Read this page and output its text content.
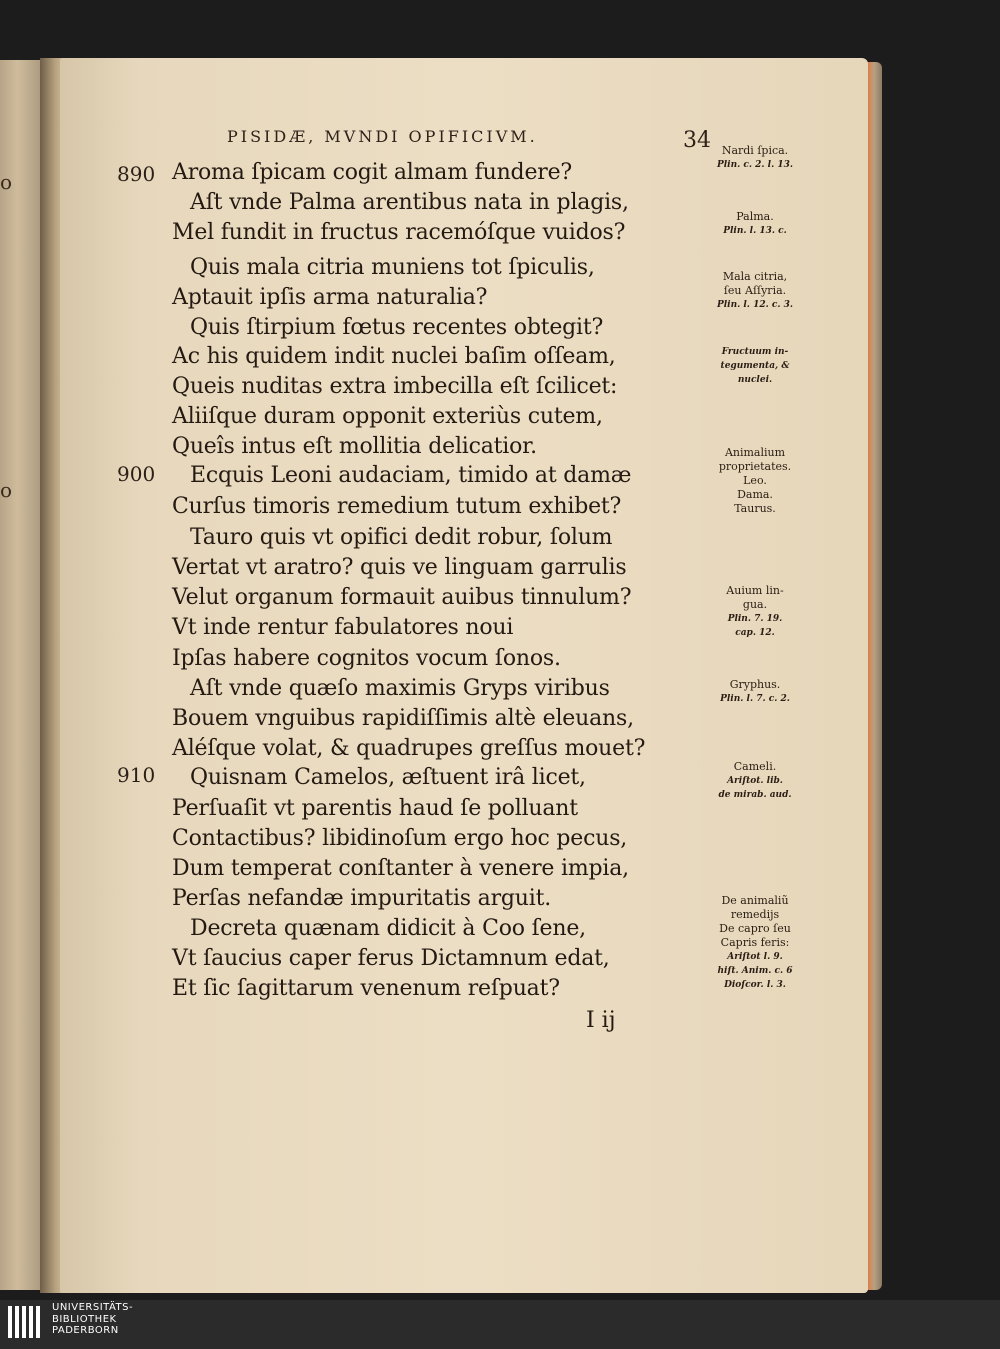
o
o
PISIDÆ, MVNDI OPIFICIVM.	34
890
900
910
Aroma ſpicam cogit almam fundere?
Aſt vnde Palma arentibus nata in plagis,
Mel fundit in fructus racemóſque vuidos?
Quis mala citria muniens tot ſpiculis,
Aptauit ipſis arma naturalia?
Quis ſtirpium fœtus recentes obtegit?
Ac his quidem indit nuclei baſim oſſeam,
Queis nuditas extra imbecilla eſt ſcilicet:
Aliiſque duram opponit exteriùs cutem,
Queîs intus eſt mollitia delicatior.
Ecquis Leoni audaciam, timido at damæ
Curſus timoris remedium tutum exhibet?
Tauro quis vt opifici dedit robur, ſolum
Vertat vt aratro? quis ve linguam garrulis
Velut organum formauit auibus tinnulum?
Vt inde rentur fabulatores noui
Ipſas habere cognitos vocum ſonos.
Aſt vnde quæſo maximis Gryps viribus
Bouem vnguibus rapidiſſimis altè eleuans,
Aléſque volat, & quadrupes greſſus mouet?
Quisnam Camelos, æſtuent irâ licet,
Perſuaſit vt parentis haud ſe polluant
Contactibus? libidinoſum ergo hoc pecus,
Dum temperat conſtanter à venere impia,
Perſas nefandæ impuritatis arguit.
Decreta quænam didicit à Coo ſene,
Vt ſaucius caper ferus Dictamnum edat,
Et ſic ſagittarum venenum reſpuat?
I ij
Nardi ſpica.
Plin. c. 2. l. 13.
Palma.
Plin. l. 13. c.
Mala citria,
ſeu Aſſyria.
Plin. l. 12. c. 3.
Fructuum in-
tegumenta, &
nuclei.
Animalium
proprietates.
Leo.
Dama.
Taurus.
Auium lin-
gua.
Plin. 7. 19.
cap. 12.
Gryphus.
Plin. l. 7. c. 2.
Cameli.
Ariſtot. lib.
de mirab. aud.
De animaliũ
remedijs
De capro ſeu
Capris feris:
Ariſtot l. 9.
hiſt. Anim. c. 6
Dioſcor. l. 3.
UNIVERSITÄTS-
BIBLIOTHEK
PADERBORN
